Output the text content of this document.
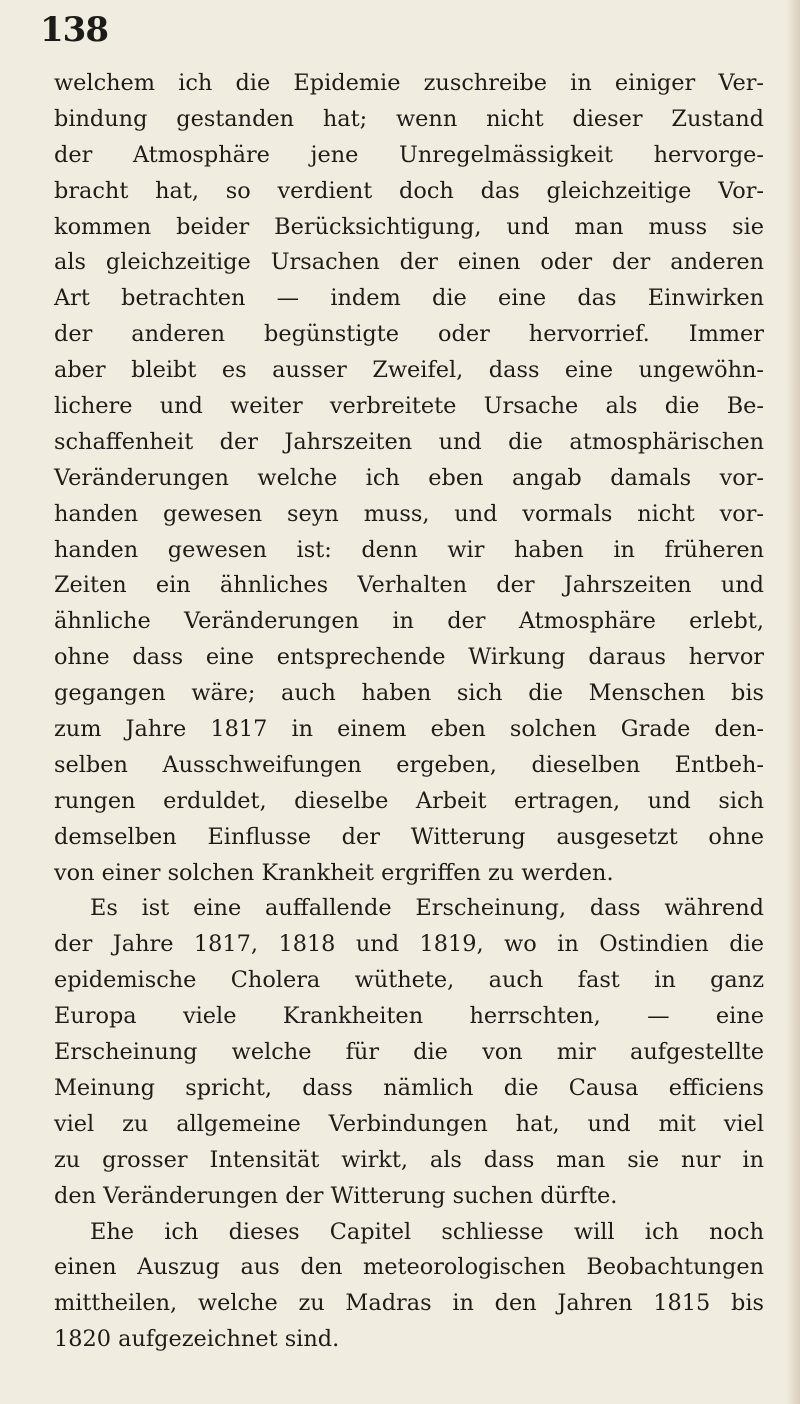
138
welchem ich die Epidemie zuschreibe in einiger Ver-
bindung gestanden hat; wenn nicht dieser Zustand
der Atmosphäre jene Unregelmässigkeit hervorge-
bracht hat, so verdient doch das gleichzeitige Vor-
kommen beider Berücksichtigung, und man muss sie
als gleichzeitige Ursachen der einen oder der anderen
Art betrachten — indem die eine das Einwirken
der anderen begünstigte oder hervorrief. Immer
aber bleibt es ausser Zweifel, dass eine ungewöhn-
lichere und weiter verbreitete Ursache als die Be-
schaffenheit der Jahrszeiten und die atmosphärischen
Veränderungen welche ich eben angab damals vor-
handen gewesen seyn muss, und vormals nicht vor-
handen gewesen ist: denn wir haben in früheren
Zeiten ein ähnliches Verhalten der Jahrszeiten und
ähnliche Veränderungen in der Atmosphäre erlebt,
ohne dass eine entsprechende Wirkung daraus hervor
gegangen wäre; auch haben sich die Menschen bis
zum Jahre 1817 in einem eben solchen Grade den-
selben Ausschweifungen ergeben, dieselben Entbeh-
rungen erduldet, dieselbe Arbeit ertragen, und sich
demselben Einflusse der Witterung ausgesetzt ohne
von einer solchen Krankheit ergriffen zu werden.
Es ist eine auffallende Erscheinung, dass während
der Jahre 1817, 1818 und 1819, wo in Ostindien die
epidemische Cholera wüthete, auch fast in ganz
Europa viele Krankheiten herrschten, — eine
Erscheinung welche für die von mir aufgestellte
Meinung spricht, dass nämlich die Causa efficiens
viel zu allgemeine Verbindungen hat, und mit viel
zu grosser Intensität wirkt, als dass man sie nur in
den Veränderungen der Witterung suchen dürfte.
Ehe ich dieses Capitel schliesse will ich noch
einen Auszug aus den meteorologischen Beobachtungen
mittheilen, welche zu Madras in den Jahren 1815 bis
1820 aufgezeichnet sind.
